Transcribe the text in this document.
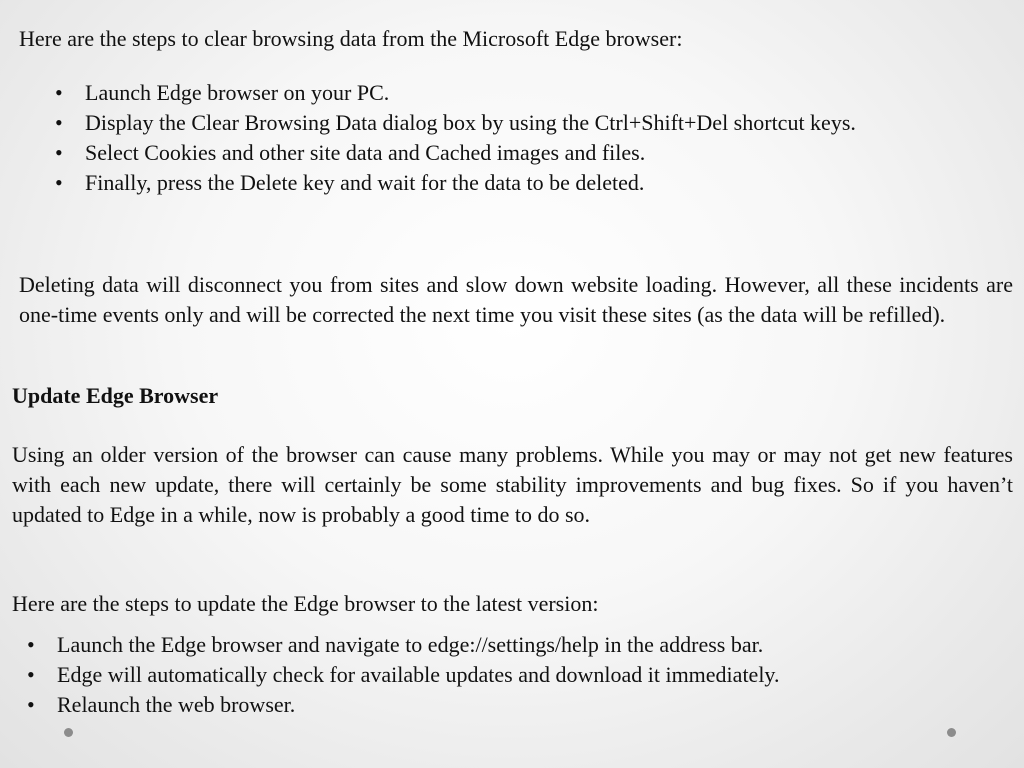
Here are the steps to clear browsing data from the Microsoft Edge browser:

• Launch Edge browser on your PC.
• Display the Clear Browsing Data dialog box by using the Ctrl+Shift+Del shortcut keys.
• Select Cookies and other site data and Cached images and files.
• Finally, press the Delete key and wait for the data to be deleted.

Deleting data will disconnect you from sites and slow down website loading. However, all these incidents are one-time events only and will be corrected the next time you visit these sites (as the data will be refilled).

Update Edge Browser

Using an older version of the browser can cause many problems. While you may or may not get new features with each new update, there will certainly be some stability improvements and bug fixes. So if you haven’t updated to Edge in a while, now is probably a good time to do so.

Here are the steps to update the Edge browser to the latest version:

• Launch the Edge browser and navigate to edge://settings/help in the address bar.
• Edge will automatically check for available updates and download it immediately.
• Relaunch the web browser.
